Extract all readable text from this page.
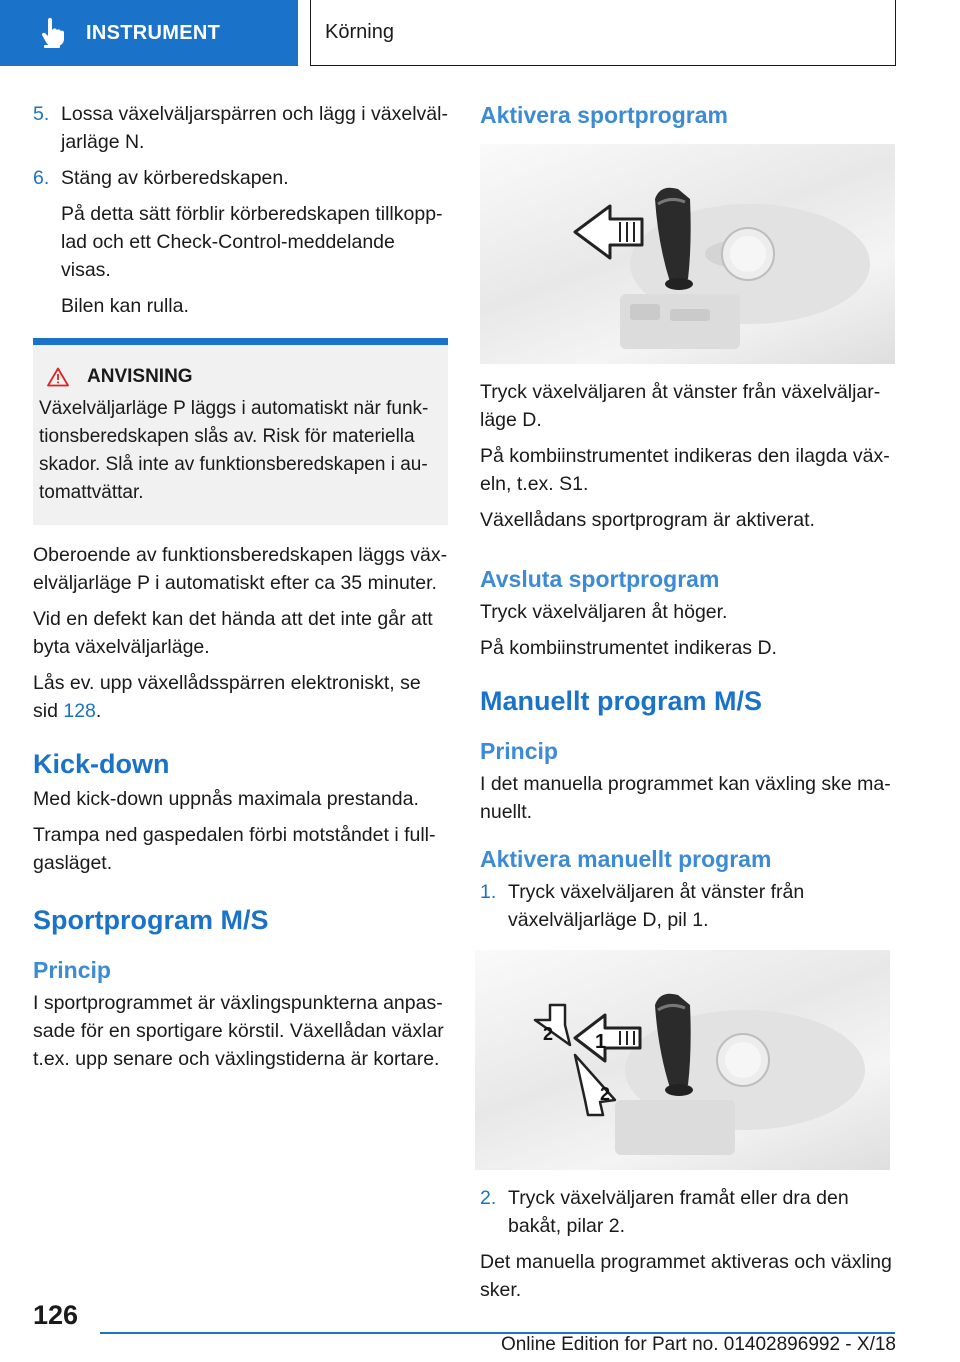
INSTRUMENT	Körning
5. Lossa växelväljarspärren och lägg i växelväljarläge N.
6. Stäng av körberedskapen.

På detta sätt förblir körberedskapen tillkopplad och ett Check-Control-meddelande visas.

Bilen kan rulla.

ANVISNING
Växelväljarläge P läggs i automatiskt när funktionsberedskapen slås av. Risk för materiella skador. Slå inte av funktionsberedskapen i automattvättar.

Oberoende av funktionsberedskapen läggs växelväljarläge P i automatiskt efter ca 35 minuter.

Vid en defekt kan det hända att det inte går att byta växelväljarläge.

Lås ev. upp växellådsspärren elektroniskt, se sid 128.

Kick-down

Med kick-down uppnås maximala prestanda.

Trampa ned gaspedalen förbi motståndet i fullgasläget.

Sportprogram M/S
Princip

I sportprogrammet är växlingspunkterna anpassade för en sportigare körstil. Växellådan växlar t.ex. upp senare och växlingstiderna är kortare.

Aktivera sportprogram

Tryck växelväljaren åt vänster från växelväljarläge D.

På kombiinstrumentet indikeras den ilagda växeln, t.ex. S1.

Växellådans sportprogram är aktiverat.

Avsluta sportprogram

Tryck växelväljaren åt höger.

På kombiinstrumentet indikeras D.

Manuellt program M/S
Princip

I det manuella programmet kan växling ske manuellt.

Aktivera manuellt program
1. Tryck växelväljaren åt vänster från växelväljarläge D, pil 1.
1
2
2
2. Tryck växelväljaren framåt eller dra den bakåt, pilar 2.

Det manuella programmet aktiveras och växling sker.

126
Online Edition for Part no. 01402896992 - X/18
